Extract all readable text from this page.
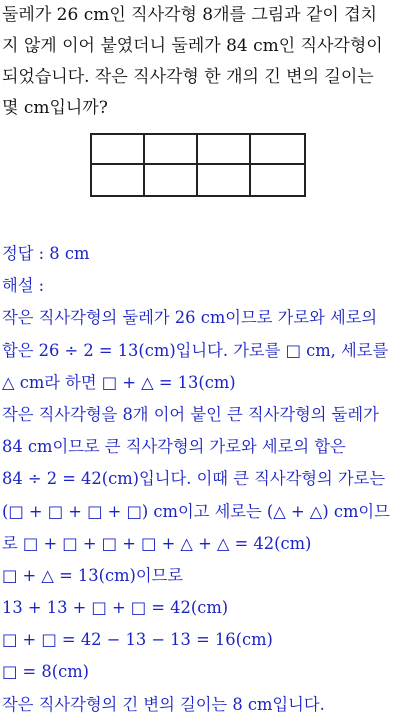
둘레가 26 cm인 직사각형 8개를 그림과 같이 겹치
지 않게 이어 붙였더니 둘레가 84 cm인 직사각형이
되었습니다. 작은 직사각형 한 개의 긴 변의 길이는
몇 cm입니까?
정답 : 8 cm
해설 :
작은 직사각형의 둘레가 26 cm이므로 가로와 세로의
합은 26 ÷ 2 = 13(cm)입니다. 가로를 □ cm, 세로를
△ cm라 하면 □ + △ = 13(cm)
작은 직사각형을 8개 이어 붙인 큰 직사각형의 둘레가
84 cm이므로 큰 직사각형의 가로와 세로의 합은
84 ÷ 2 = 42(cm)입니다. 이때 큰 직사각형의 가로는
(□ + □ + □ + □) cm이고 세로는 (△ + △) cm이므
로 □ + □ + □ + □ + △ + △ = 42(cm)
□ + △ = 13(cm)이므로
13 + 13 + □ + □ = 42(cm)
□ + □ = 42 − 13 − 13 = 16(cm)
□ = 8(cm)
작은 직사각형의 긴 변의 길이는 8 cm입니다.
